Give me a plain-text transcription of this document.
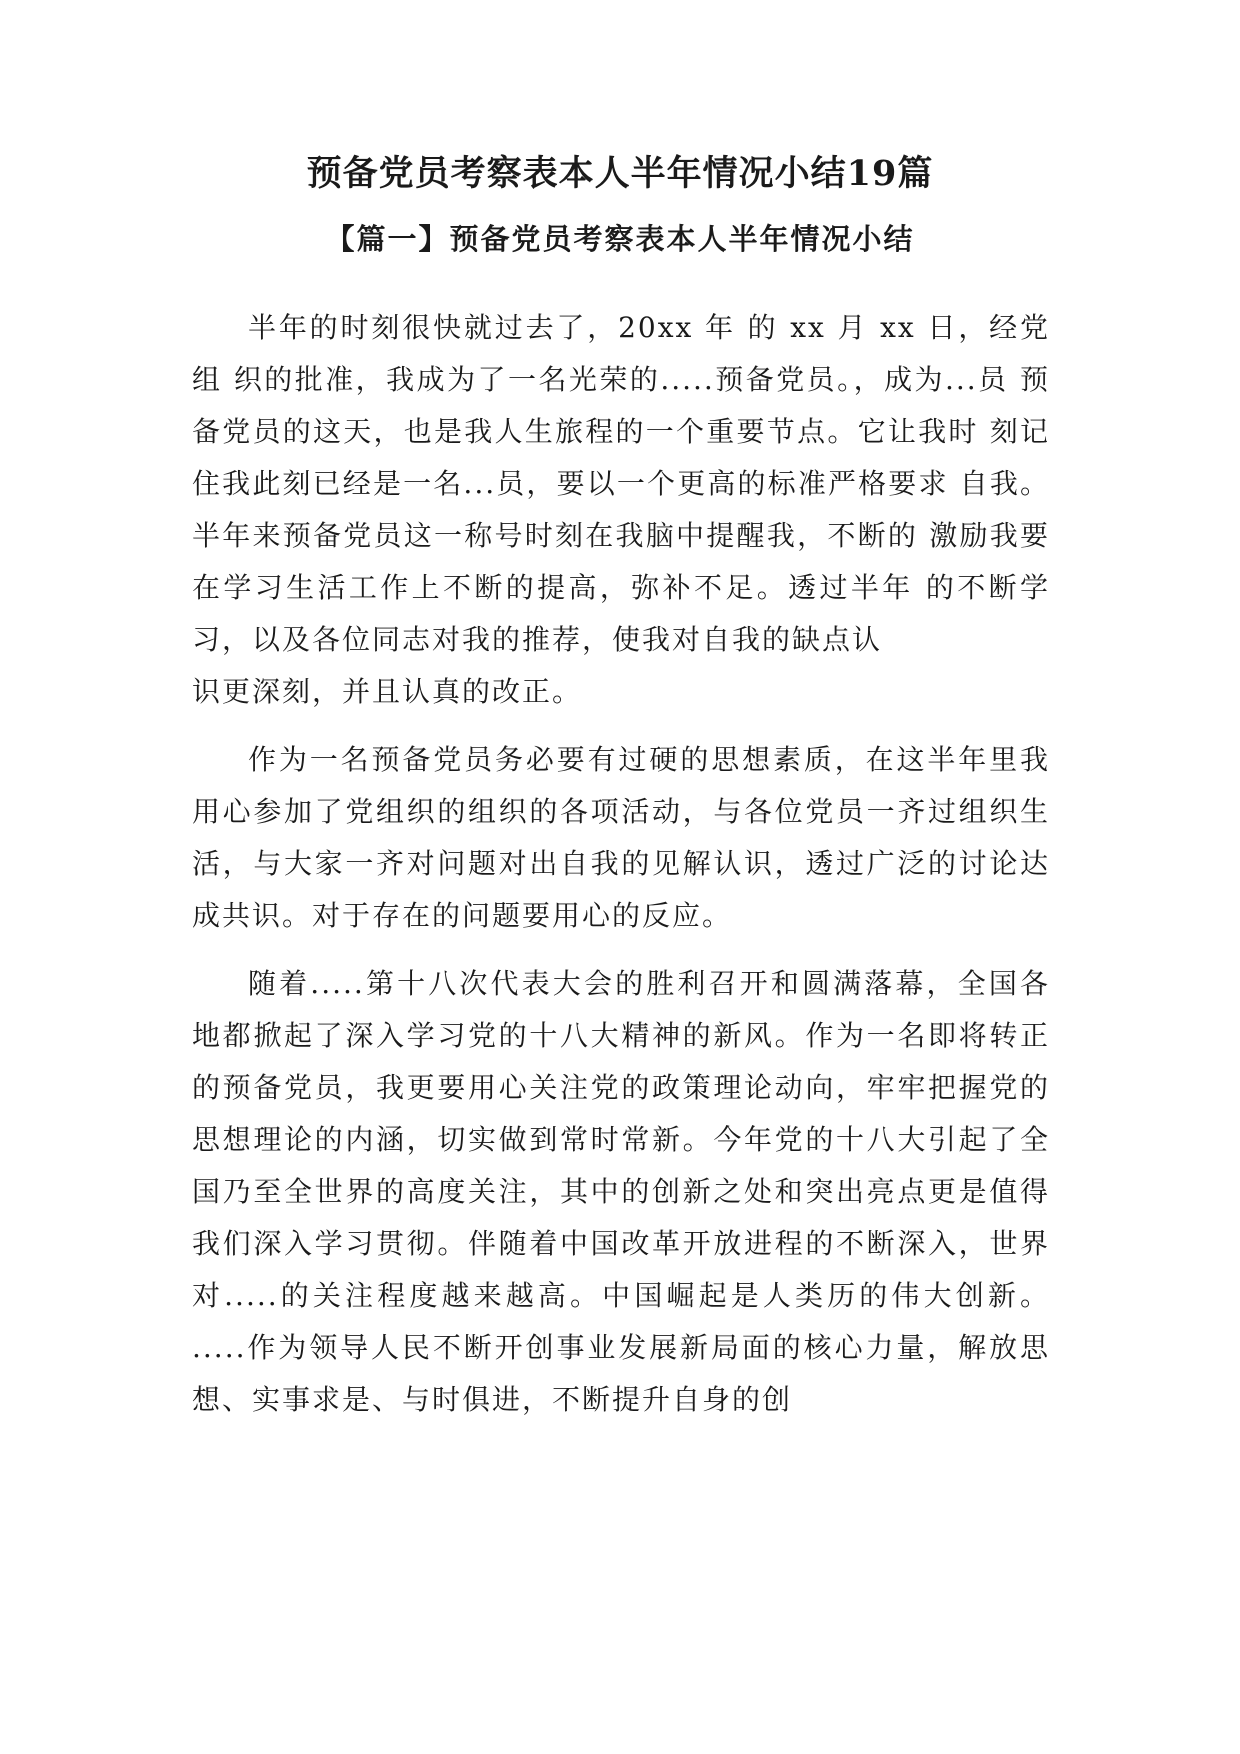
预备党员考察表本人半年情况小结19篇
【篇一】预备党员考察表本人半年情况小结

半年的时刻很快就过去了，20xx 年 的 xx 月 xx 日，经党组 织的批准，我成为了一名光荣的.....预备党员。，成为...员 预备党员的这天，也是我人生旅程的一个重要节点。它让我时 刻记住我此刻已经是一名...员，要以一个更高的标准严格要求 自我。半年来预备党员这一称号时刻在我脑中提醒我，不断的 激励我要在学习生活工作上不断的提高，弥补不足。透过半年 的不断学习，以及各位同志对我的推荐，使我对自我的缺点认

识更深刻，并且认真的改正。

作为一名预备党员务必要有过硬的思想素质，在这半年里我用心参加了党组织的组织的各项活动，与各位党员一齐过组织生活，与大家一齐对问题对出自我的见解认识，透过广泛的讨论达成共识。对于存在的问题要用心的反应。

随着.....第十八次代表大会的胜利召开和圆满落幕，全国各地都掀起了深入学习党的十八大精神的新风。作为一名即将转正的预备党员，我更要用心关注党的政策理论动向，牢牢把握党的思想理论的内涵，切实做到常时常新。今年党的十八大引起了全国乃至全世界的高度关注，其中的创新之处和突出亮点更是值得我们深入学习贯彻。伴随着中国改革开放进程的不断深入，世界对.....的关注程度越来越高。中国崛起是人类历的伟大创新。 .....作为领导人民不断开创事业发展新局面的核心力量，解放思想、实事求是、与时俱进，不断提升自身的创
